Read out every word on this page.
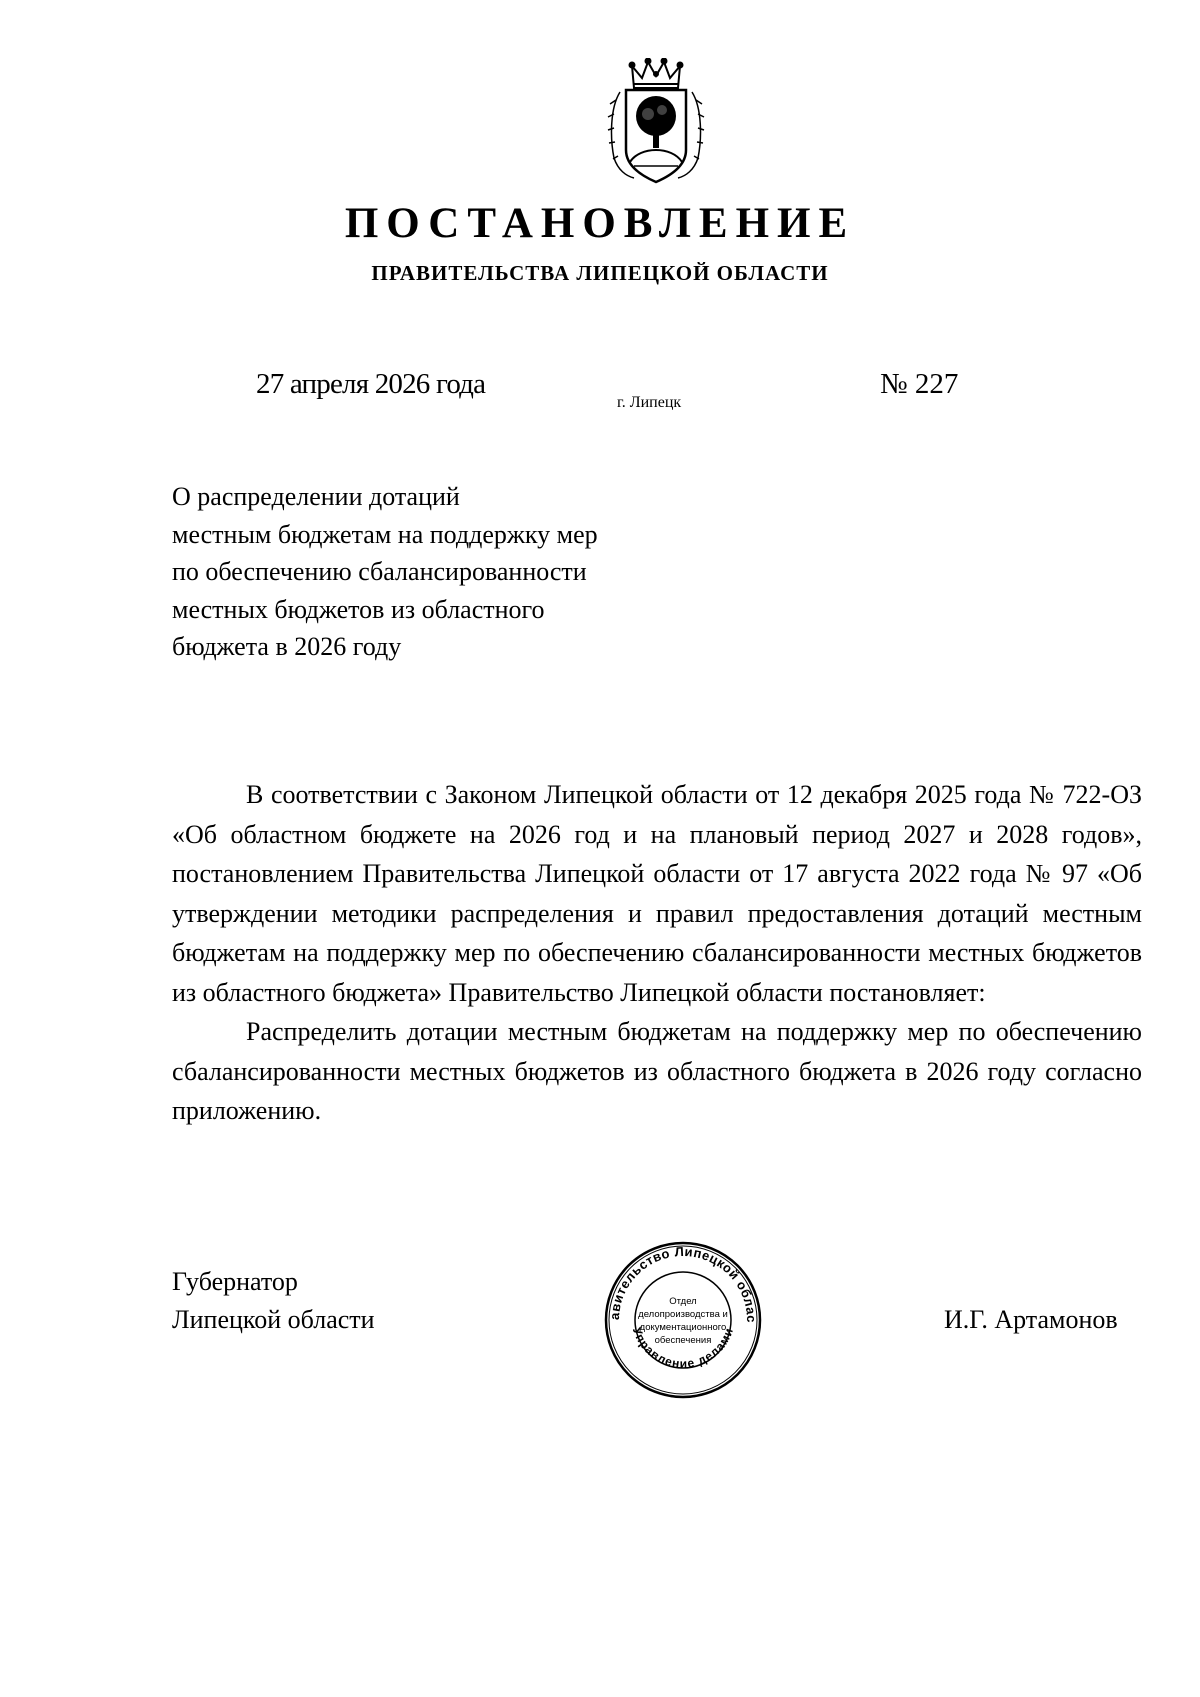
ПОСТАНОВЛЕНИЕ
ПРАВИТЕЛЬСТВА ЛИПЕЦКОЙ ОБЛАСТИ
27 апреля 2026 года
г. Липецк
№ 227
О распределении дотаций
местным бюджетам на поддержку мер
по обеспечению сбалансированности
местных бюджетов из областного
бюджета в 2026 году

В соответствии с Законом Липецкой области от 12 декабря 2025 года № 722-ОЗ «Об областном бюджете на 2026 год и на плановый период 2027 и 2028 годов», постановлением Правительства Липецкой области от 17 августа 2022 года № 97 «Об утверждении методики распределения и правил предоставления дотаций местным бюджетам на поддержку мер по обеспечению сбалансированности местных бюджетов из областного бюджета» Правительство Липецкой области постановляет:

Распределить дотации местным бюджетам на поддержку мер по обеспечению сбалансированности местных бюджетов из областного бюджета в 2026 году согласно приложению.

Губернатор
Липецкой области	авительство Липецкой облас
Управление делами
Отдел
делопроизводства и
документационного
обеспечения
И.Г. Артамонов
